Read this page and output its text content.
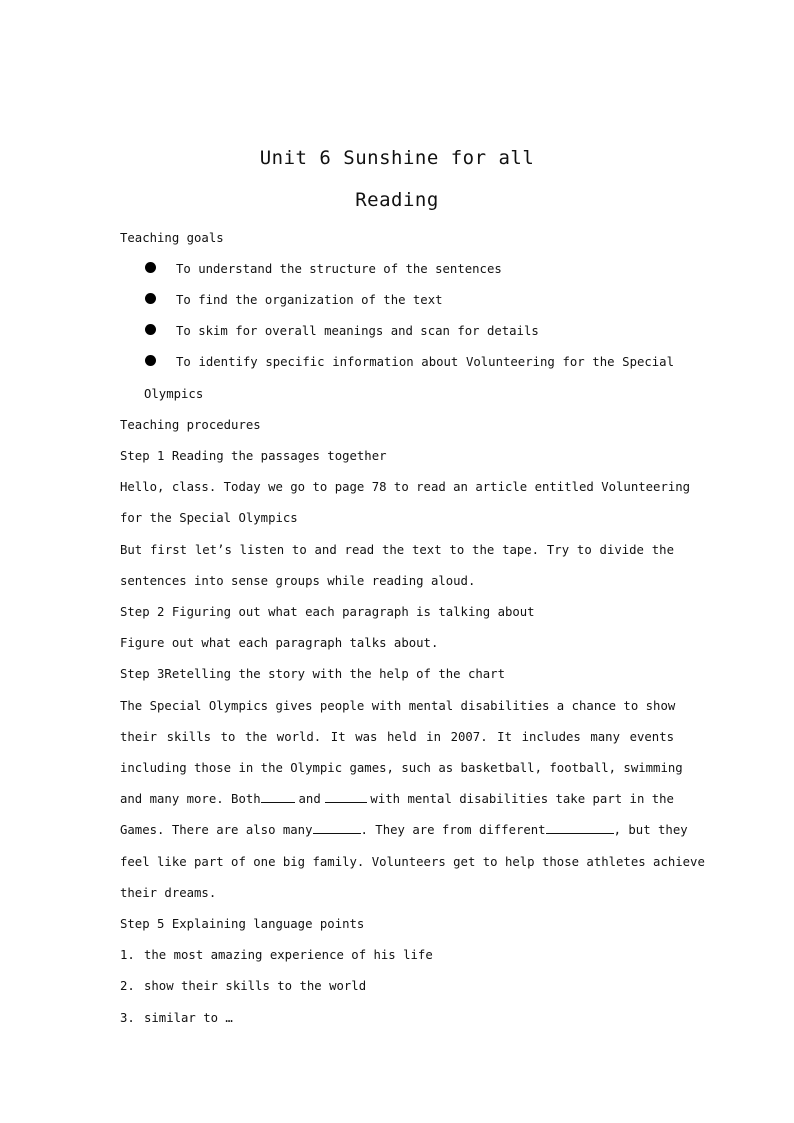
Unit 6 Sunshine for all
Reading
Teaching goals
To understand the structure of the sentences
To find the organization of the text
To skim for overall meanings and scan for details
To identify specific information about Volunteering for the Special
Olympics
Teaching procedures
Step 1 Reading the passages together
Hello, class. Today we go to page 78 to read an article entitled Volunteering
for the Special Olympics
But first let’s listen to and read the text to the tape. Try to divide the
sentences into sense groups while reading aloud.
Step 2 Figuring out what each paragraph is talking about
Figure out what each paragraph talks about.
Step 3Retelling the story with the help of the chart
The Special Olympics gives people with mental disabilities a chance to show
their skills to the world. It was held in 2007. It includes many events
including those in the Olympic games, such as basketball, football, swimming
and many more. Both	and	with mental disabilities take part in the
Games. There are also many	. They are from different	, but they
feel like part of one big family. Volunteers get to help those athletes achieve
their dreams.
Step 5 Explaining language points
1. the most amazing experience of his life
2. show their skills to the world
3. similar to …
